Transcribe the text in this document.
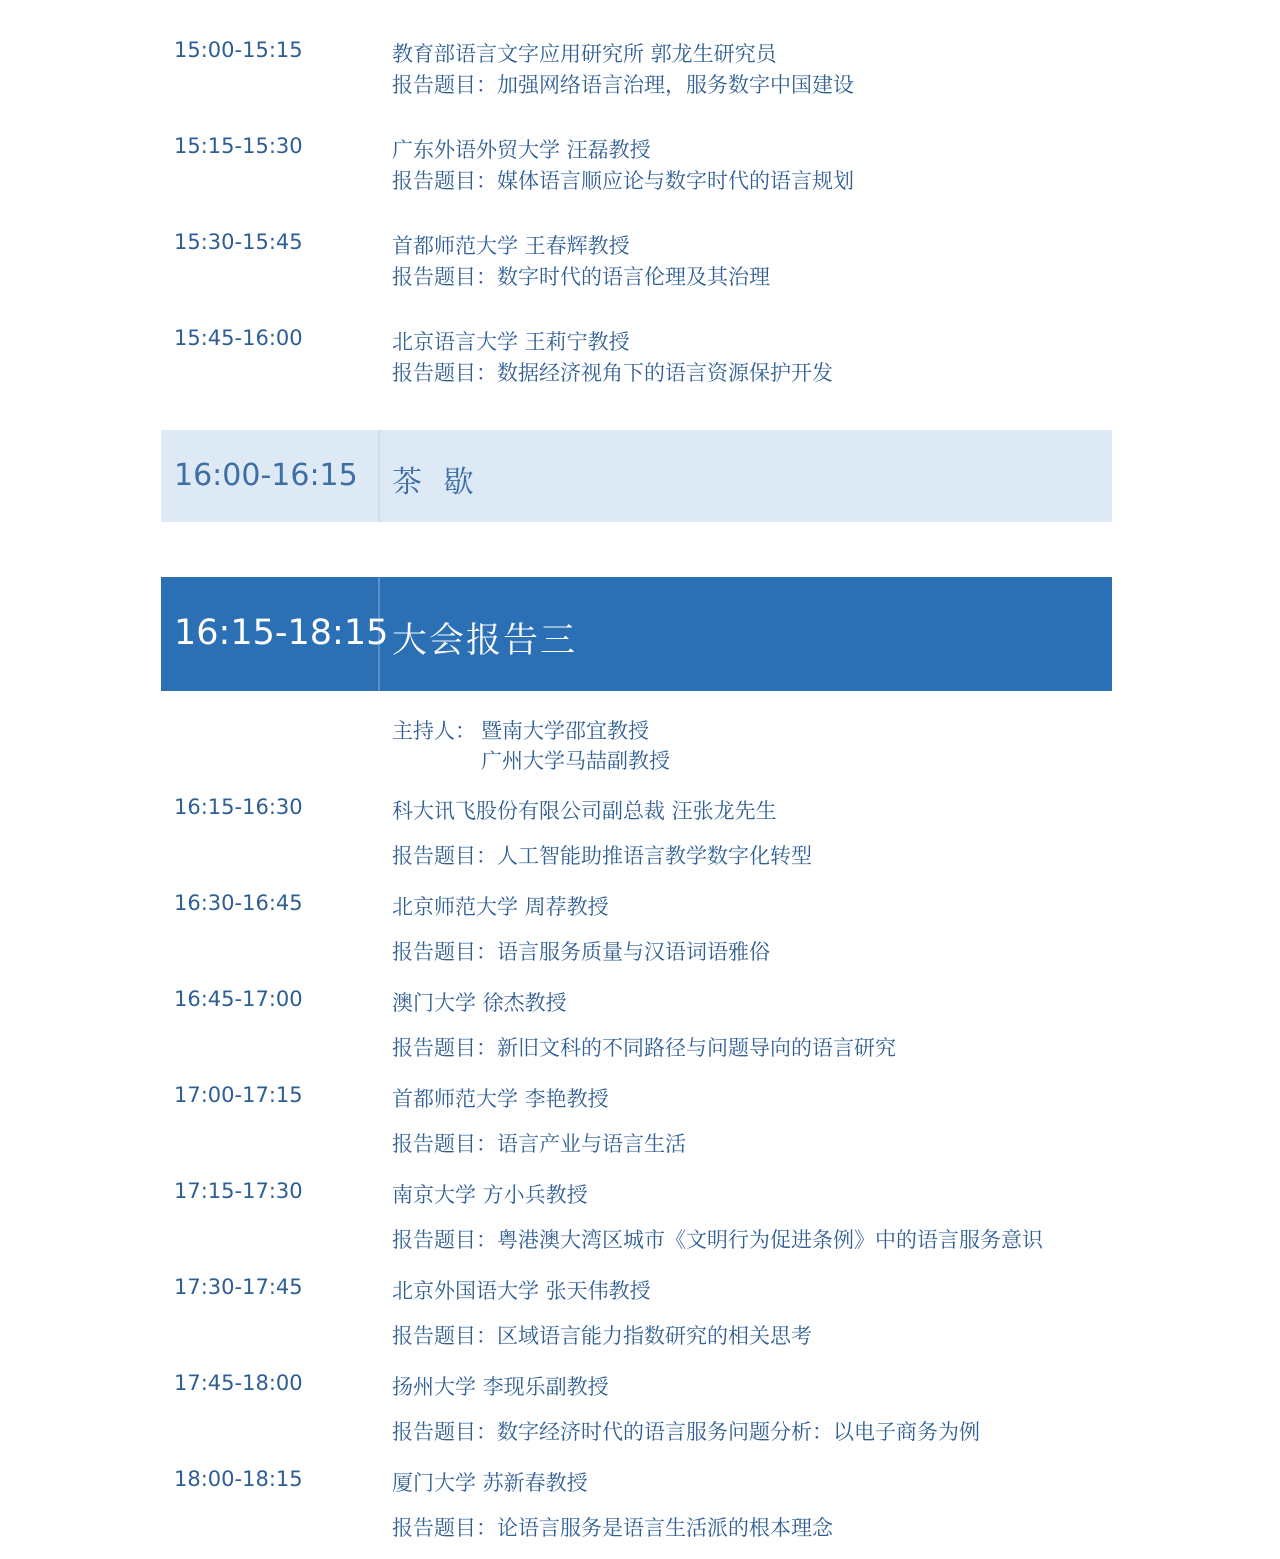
15:00-15:15	教育部语言文字应用研究所 郭龙生研究员
报告题目：加强网络语言治理，服务数字中国建设
15:15-15:30	广东外语外贸大学 汪磊教授
报告题目：媒体语言顺应论与数字时代的语言规划
15:30-15:45	首都师范大学 王春辉教授
报告题目：数字时代的语言伦理及其治理
15:45-16:00	北京语言大学 王莉宁教授
报告题目：数据经济视角下的语言资源保护开发
16:00-16:15 茶 歇
16:15-18:15 大会报告三
主持人： 暨南大学邵宜教授
广州大学马喆副教授
16:15-16:30	科大讯飞股份有限公司副总裁 汪张龙先生
报告题目：人工智能助推语言教学数字化转型
16:30-16:45	北京师范大学 周荐教授
报告题目：语言服务质量与汉语词语雅俗
16:45-17:00	澳门大学 徐杰教授
报告题目：新旧文科的不同路径与问题导向的语言研究
17:00-17:15	首都师范大学 李艳教授
报告题目：语言产业与语言生活
17:15-17:30	南京大学 方小兵教授
报告题目：粤港澳大湾区城市《文明行为促进条例》中的语言服务意识
17:30-17:45	北京外国语大学 张天伟教授
报告题目：区域语言能力指数研究的相关思考
17:45-18:00	扬州大学 李现乐副教授
报告题目：数字经济时代的语言服务问题分析：以电子商务为例
18:00-18:15	厦门大学 苏新春教授
报告题目：论语言服务是语言生活派的根本理念
